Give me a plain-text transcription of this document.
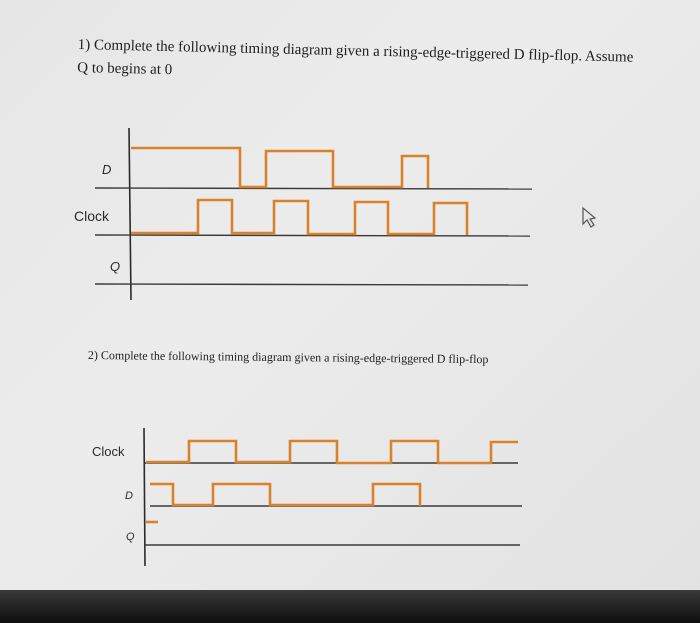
1) Complete the following timing diagram given a rising-edge-triggered D flip-flop. Assume Q to begins at 0
2) Complete the following timing diagram given a rising-edge-triggered D flip-flop
D
Clock
Q
Clock
D
Q
